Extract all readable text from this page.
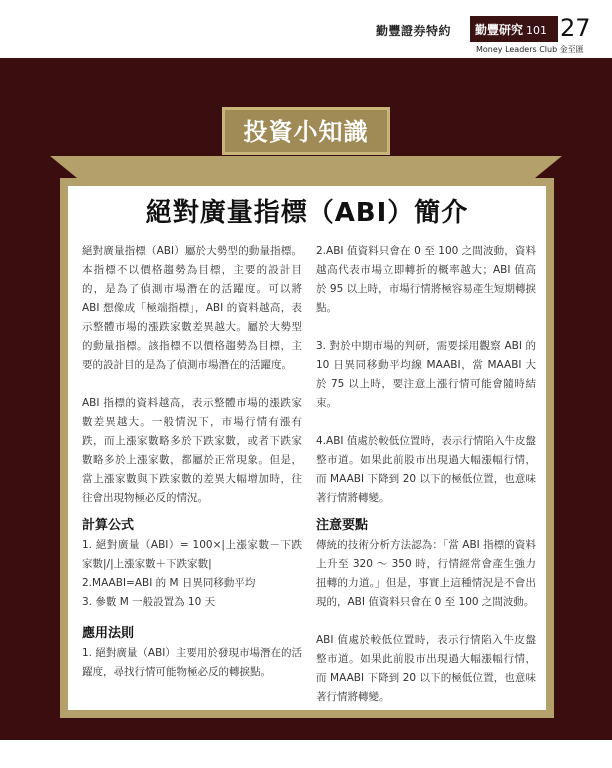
勤豐證券特約 勤豐研究 101 27
Money Leaders Club 金至匯
投資小知識
絕對廣量指標（ABI）簡介

絕對廣量指標（ABI）屬於大勢型的動量指標。本指標不以價格趨勢為目標，主要的設計目的，是為了偵測市場潛在的活躍度。可以將 ABI 想像成「極端指標」，ABI 的資料越高，表示整體市場的漲跌家數差異越大。屬於大勢型的動量指標。該指標不以價格趨勢為目標，主要的設計目的是為了偵測市場潛在的活躍度。

ABI 指標的資料越高，表示整體市場的漲跌家數差異越大。一般情況下，市場行情有漲有跌，而上漲家數略多於下跌家數，或者下跌家數略多於上漲家數，都屬於正常現象。但是，當上漲家數與下跌家數的差異大幅增加時，往往會出現物極必反的情況。

計算公式

1. 絕對廣量（ABI）= 100×|上漲家數－下跌家數|/|上漲家數＋下跌家數|

2.MAABI=ABI 的 M 日異同移動平均

3. 參數 M 一般設置為 10 天

應用法則

1. 絕對廣量（ABI）主要用於發現市場潛在的活躍度，尋找行情可能物極必反的轉捩點。

2.ABI 值資料只會在 0 至 100 之間波動，資料越高代表市場立即轉折的概率越大；ABI 值高於 95 以上時，市場行情將極容易產生短期轉捩點。

3. 對於中期市場的判研，需要採用觀察 ABI 的 10 日異同移動平均線 MAABI，當 MAABI 大於 75 以上時，要注意上漲行情可能會隨時結束。

4.ABI 值處於較低位置時，表示行情陷入牛皮盤整市道。如果此前股市出現過大幅漲幅行情，而 MAABI 下降到 20 以下的極低位置，也意味著行情將轉變。

注意要點

傳統的技術分析方法認為：「當 ABI 指標的資料上升至 320 ～ 350 時，行情經常會產生強力扭轉的力道。」但是，事實上這種情況是不會出現的，ABI 值資料只會在 0 至 100 之間波動。

ABI 值處於較低位置時，表示行情陷入牛皮盤整市道。如果此前股市出現過大幅漲幅行情，而 MAABI 下降到 20 以下的極低位置，也意味著行情將轉變。
